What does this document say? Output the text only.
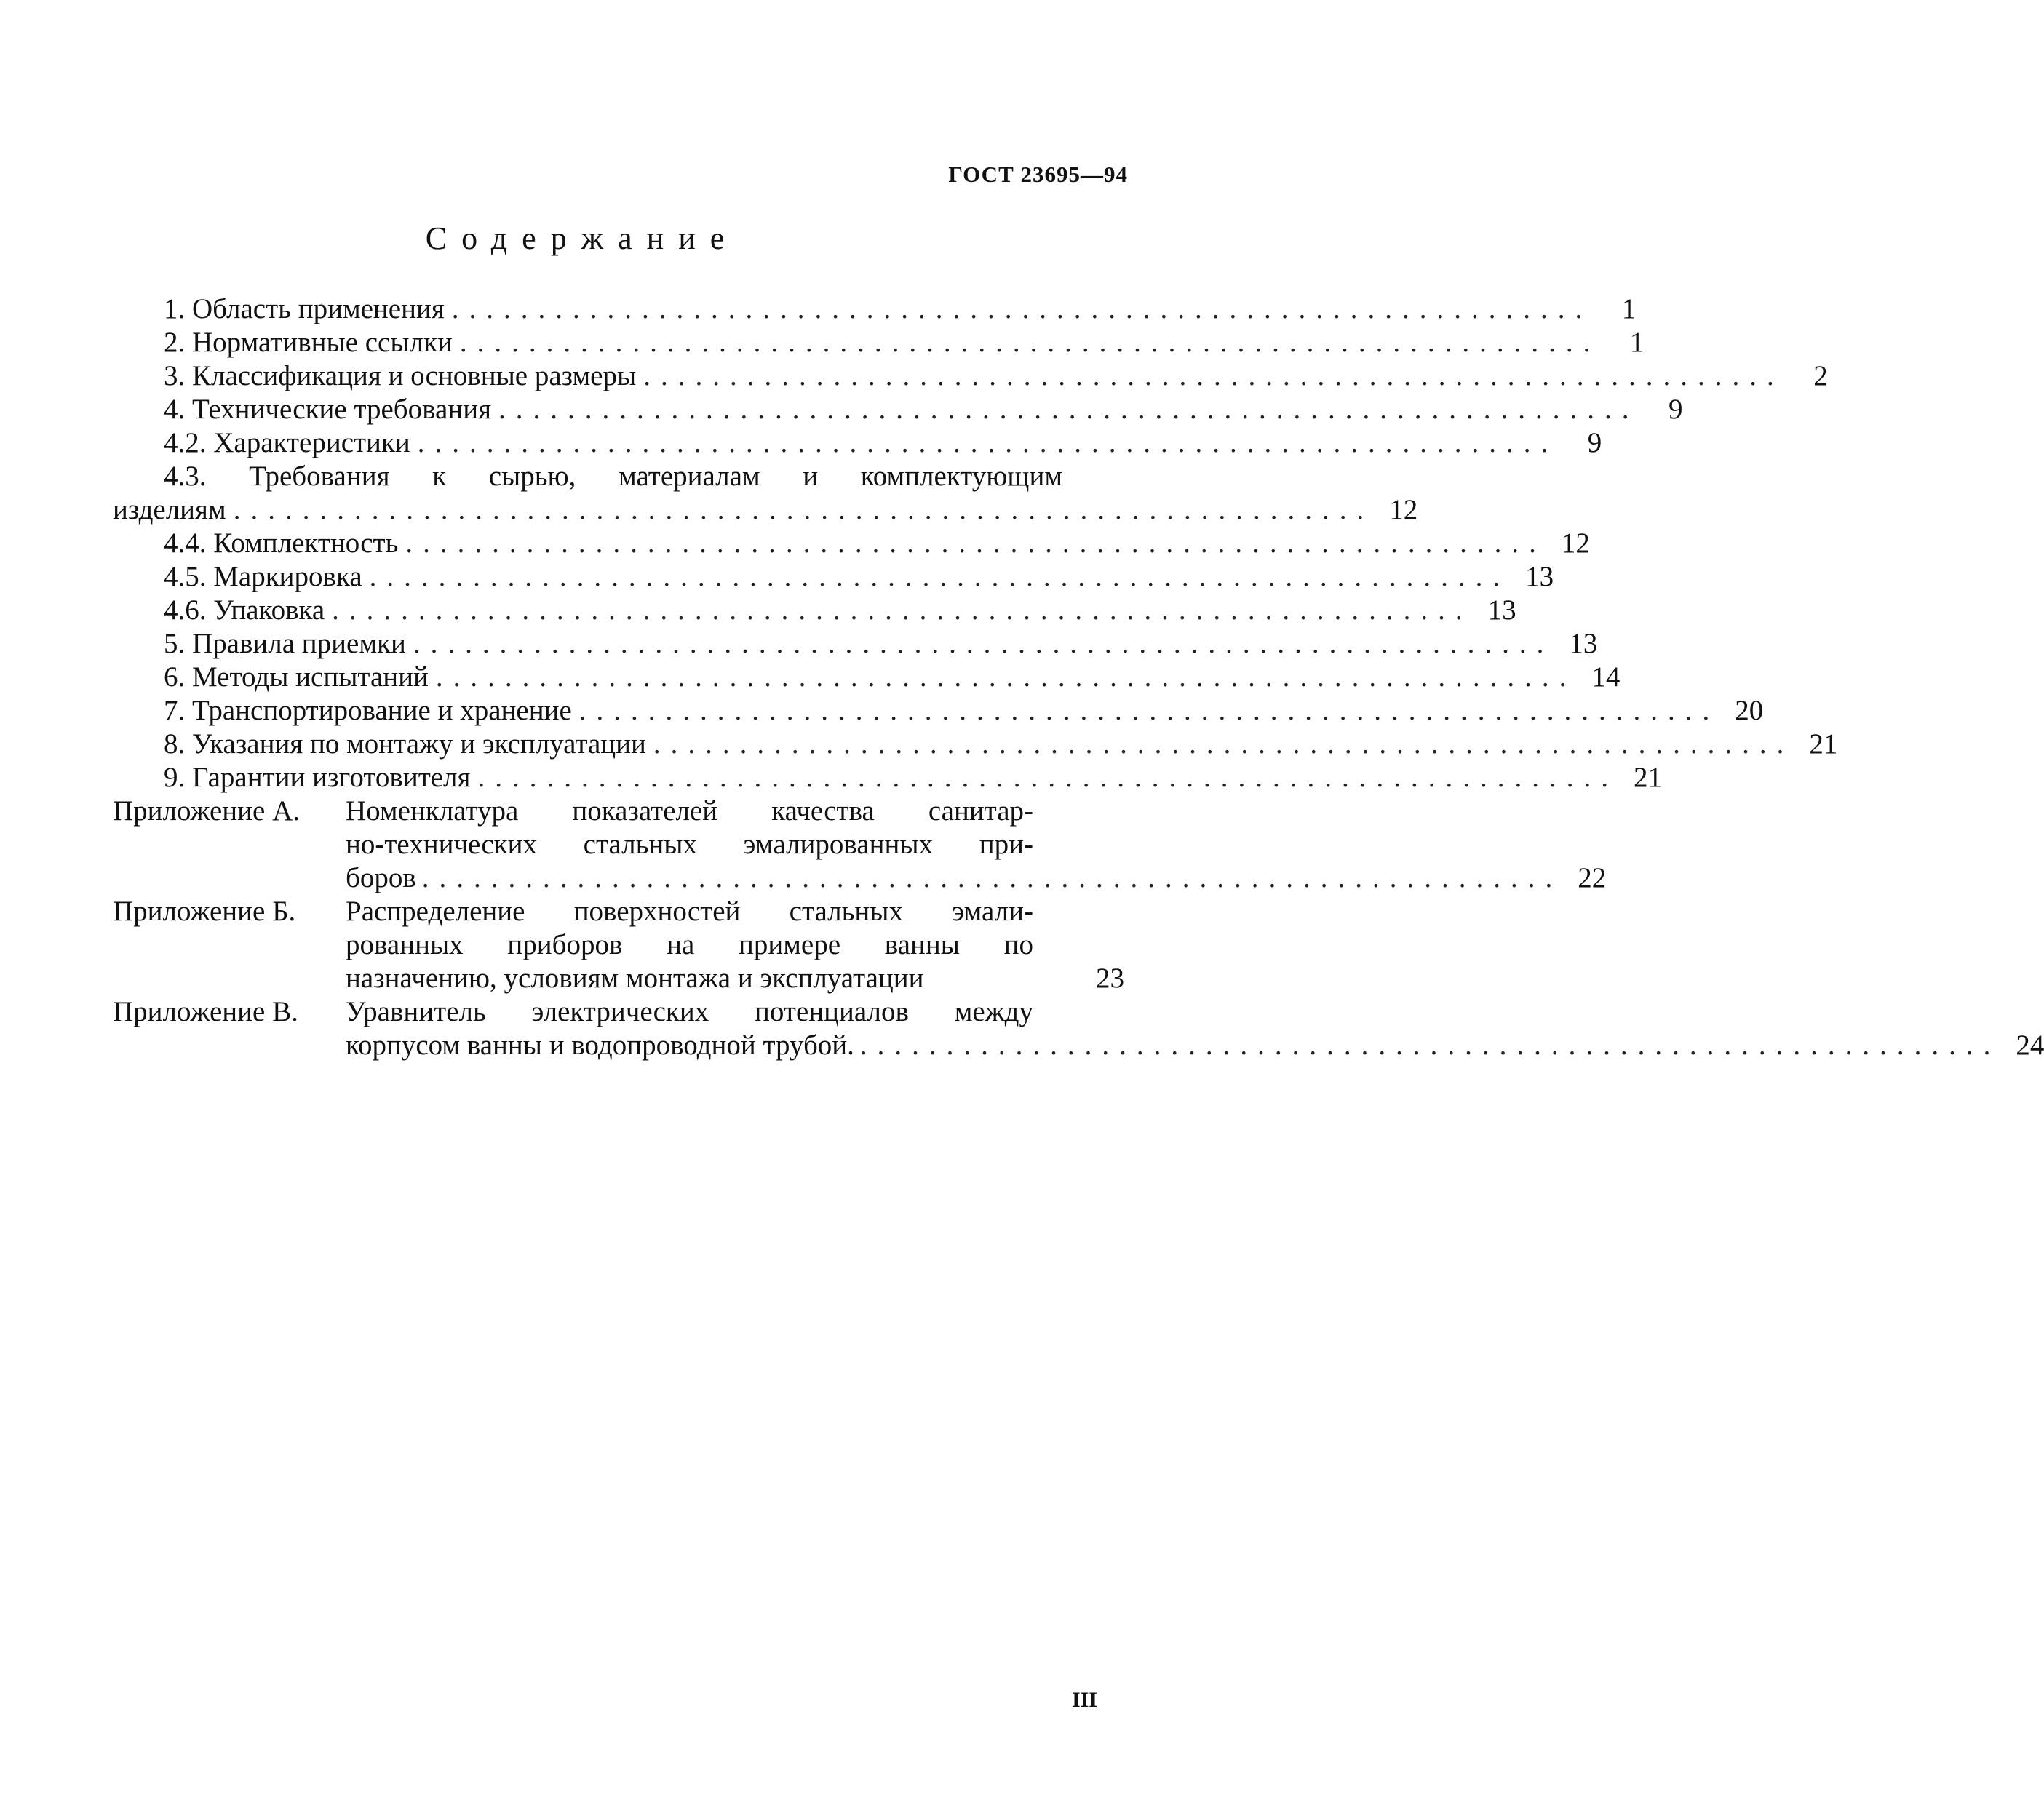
ГОСТ 23695—94
Содержание
1. Область применения ..................................................................	1
2. Нормативные ссылки ..................................................................	1
3. Классификация и основные размеры ..................................................................	2
4. Технические требования ..................................................................	9
4.2. Характеристики ..................................................................	9
4.3. Требования к сырью, материалам и комплектующим
изделиям .................................................................. 12
4.4. Комплектность .................................................................. 12
4.5. Маркировка .................................................................. 13
4.6. Упаковка .................................................................. 13
5. Правила приемки .................................................................. 13
6. Методы испытаний .................................................................. 14
7. Транспортирование и хранение .................................................................. 20
8. Указания по монтажу и эксплуатации .................................................................. 21
9. Гарантии изготовителя .................................................................. 21
Приложение А.	Номенклатура показателей качества санитар-
но-технических стальных эмалированных при-
боров .................................................................. 22
Приложение Б.	Распределение поверхностей стальных эмали-
рованных приборов на примере ванны по
назначению, условиям монтажа и эксплуатации	23
Приложение В.	Уравнитель электрических потенциалов между
корпусом ванны и водопроводной трубой. .................................................................. 24
III
